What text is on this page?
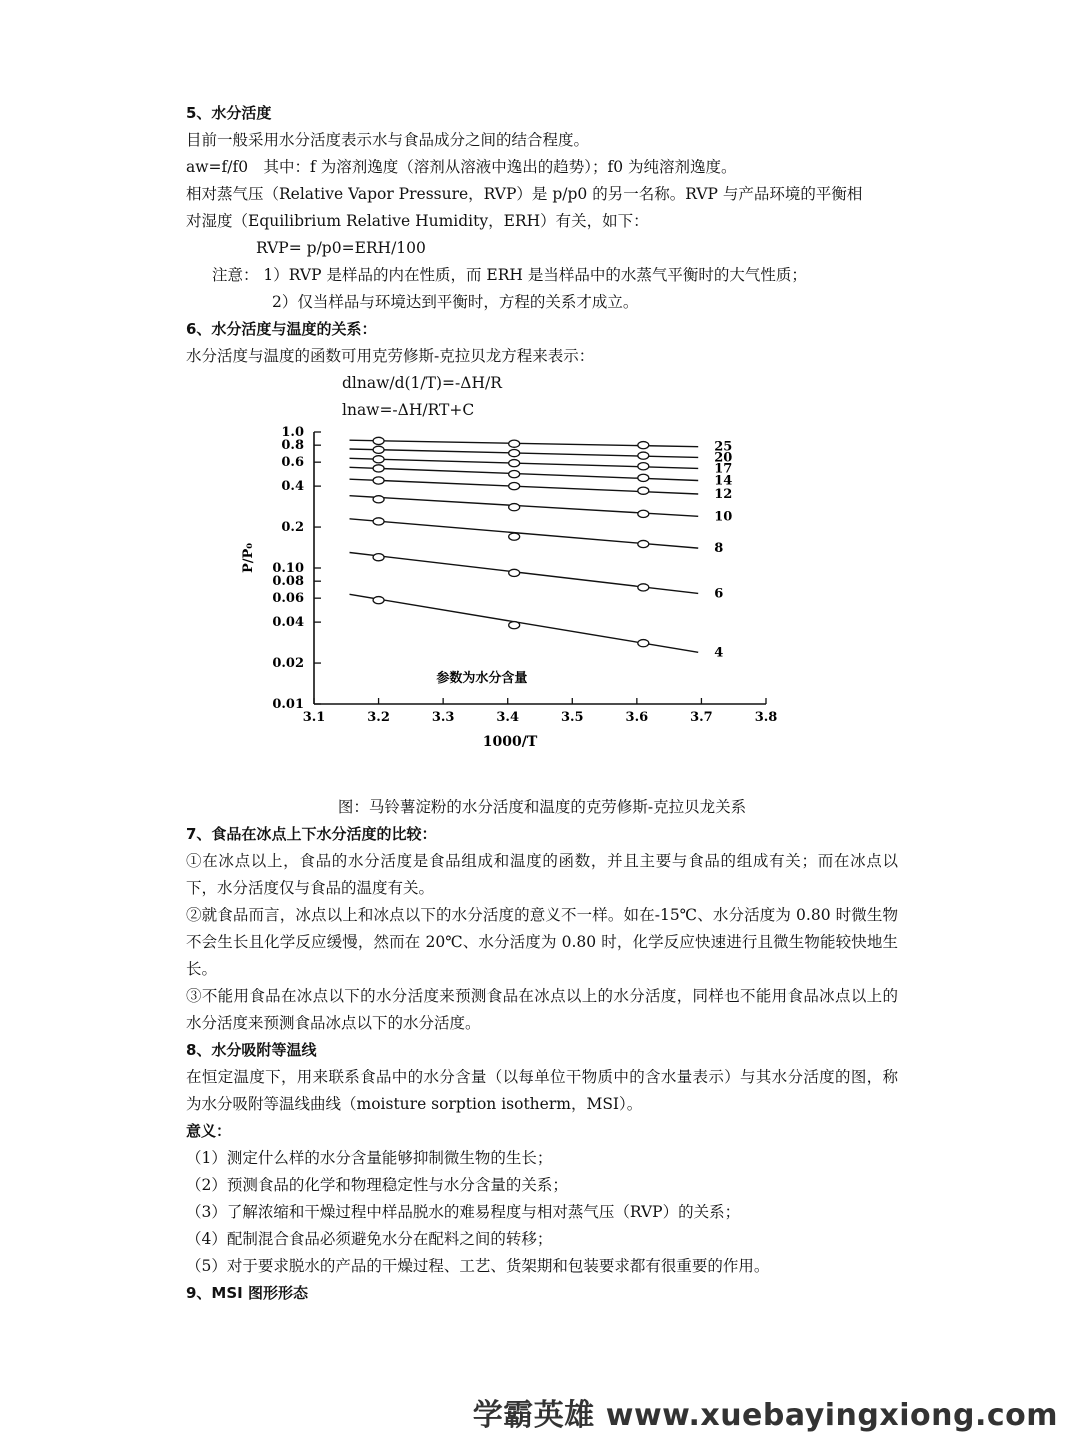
5、水分活度
目前一般采用水分活度表示水与食品成分之间的结合程度。
aw=f/f0　其中：f 为溶剂逸度（溶剂从溶液中逸出的趋势）；f0 为纯溶剂逸度。
相对蒸气压（Relative Vapor Pressure，RVP）是 p/p0 的另一名称。RVP 与产品环境的平衡相
对湿度（Equilibrium Relative Humidity，ERH）有关，如下：
RVP= p/p0=ERH/100
注意： 1）RVP 是样品的内在性质，而 ERH 是当样品中的水蒸气平衡时的大气性质；
2）仅当样品与环境达到平衡时，方程的关系才成立。
6、水分活度与温度的关系：
水分活度与温度的函数可用克劳修斯-克拉贝龙方程来表示：
dlnaw/d(1/T)=-ΔH/R
lnaw=-ΔH/RT+C
3.1	3.2	3.3	3.4	3.5	3.6	3.7	3.8
1.0
0.8
0.6
0.4
0.2
0.10
0.08
0.06
0.04
0.02
0.01
1000/T
P/P₀
参数为水分含量
25
20
17
14
12
10
8
6
4
图：马铃薯淀粉的水分活度和温度的克劳修斯-克拉贝龙关系
7、食品在冰点上下水分活度的比较：
①在冰点以上，食品的水分活度是食品组成和温度的函数，并且主要与食品的组成有关；而在冰点以下，水分活度仅与食品的温度有关。
②就食品而言，冰点以上和冰点以下的水分活度的意义不一样。如在-15℃、水分活度为 0.80 时微生物不会生长且化学反应缓慢，然而在 20℃、水分活度为 0.80 时，化学反应快速进行且微生物能较快地生长。
③不能用食品在冰点以下的水分活度来预测食品在冰点以上的水分活度，同样也不能用食品冰点以上的水分活度来预测食品冰点以下的水分活度。
8、水分吸附等温线
在恒定温度下，用来联系食品中的水分含量（以每单位干物质中的含水量表示）与其水分活度的图，称为水分吸附等温线曲线（moisture sorption isotherm，MSI）。
意义：
（1）测定什么样的水分含量能够抑制微生物的生长；
（2）预测食品的化学和物理稳定性与水分含量的关系；
（3）了解浓缩和干燥过程中样品脱水的难易程度与相对蒸气压（RVP）的关系；
（4）配制混合食品必须避免水分在配料之间的转移；
（5）对于要求脱水的产品的干燥过程、工艺、货架期和包装要求都有很重要的作用。
9、MSI 图形形态
学霸英雄 www.xuebayingxiong.com
